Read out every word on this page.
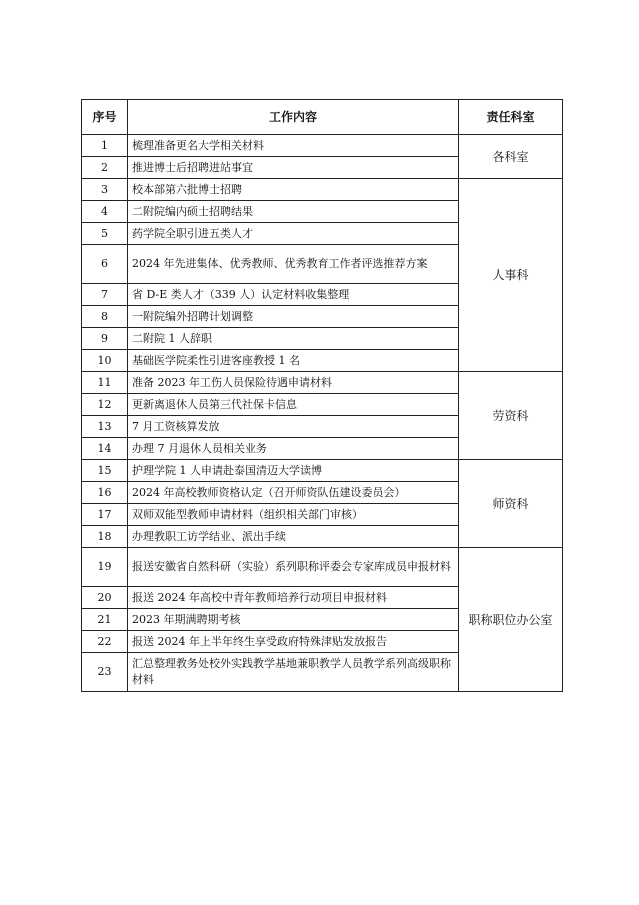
序号	工作内容	责任科室
1	梳理准备更名大学相关材料	各科室
2	推进博士后招聘进站事宜	
3	校本部第六批博士招聘	人事科
4	二附院编内硕士招聘结果	
5	药学院全职引进五类人才	
6	2024 年先进集体、优秀教师、优秀教育工作者评选推荐方案	
7	省 D-E 类人才（339 人）认定材料收集整理	
8	一附院编外招聘计划调整	
9	二附院 1 人辞职	
10	基础医学院柔性引进客座教授 1 名	
11	准备 2023 年工伤人员保险待遇申请材料	劳资科
12	更新离退休人员第三代社保卡信息	
13	7 月工资核算发放	
14	办理 7 月退休人员相关业务	
15	护理学院 1 人申请赴泰国清迈大学读博	师资科
16	2024 年高校教师资格认定（召开师资队伍建设委员会）	
17	双师双能型教师申请材料（组织相关部门审核）	
18	办理教职工访学结业、派出手续	
19	报送安徽省自然科研（实验）系列职称评委会专家库成员申报材料	职称职位办公室
20	报送 2024 年高校中青年教师培养行动项目申报材料	
21	2023 年期满聘期考核	
22	报送 2024 年上半年终生享受政府特殊津贴发放报告	
23	汇总整理教务处校外实践教学基地兼职教学人员教学系列高级职称材料	
